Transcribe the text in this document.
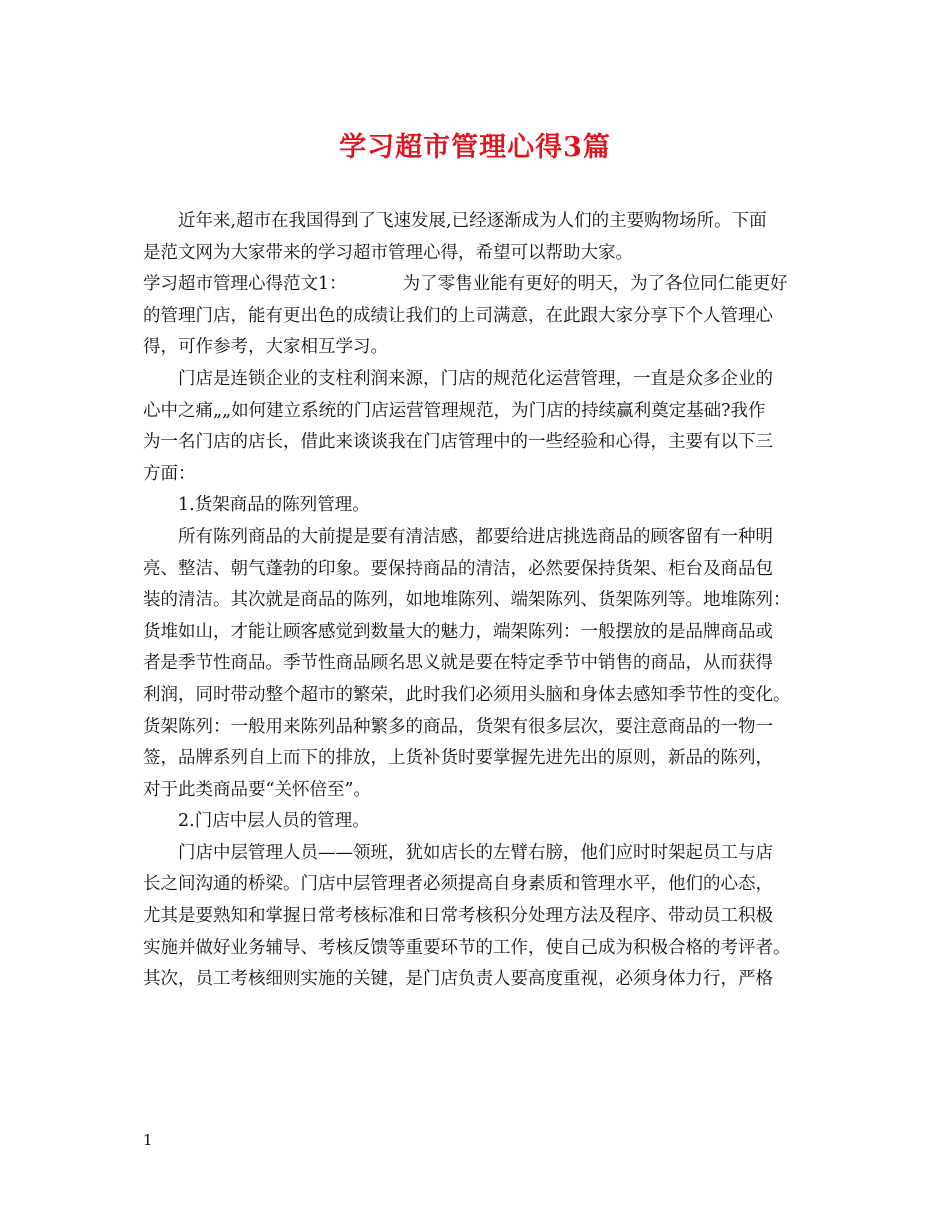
学习超市管理心得3篇
近年来,超市在我国得到了飞速发展,已经逐渐成为人们的主要购物场所。下面
是范文网为大家带来的学习超市管理心得，希望可以帮助大家。
学习超市管理心得范文1：	为了零售业能有更好的明天，为了各位同仁能更好
的管理门店，能有更出色的成绩让我们的上司满意，在此跟大家分享下个人管理心
得，可作参考，大家相互学习。
门店是连锁企业的支柱利润来源，门店的规范化运营管理，一直是众多企业的
心中之痛„„如何建立系统的门店运营管理规范，为门店的持续赢利奠定基础?我作
为一名门店的店长，借此来谈谈我在门店管理中的一些经验和心得，主要有以下三
方面：
1.货架商品的陈列管理。
所有陈列商品的大前提是要有清洁感，都要给进店挑选商品的顾客留有一种明
亮、整洁、朝气蓬勃的印象。要保持商品的清洁，必然要保持货架、柜台及商品包
装的清洁。其次就是商品的陈列，如地堆陈列、端架陈列、货架陈列等。地堆陈列：
货堆如山，才能让顾客感觉到数量大的魅力，端架陈列：一般摆放的是品牌商品或
者是季节性商品。季节性商品顾名思义就是要在特定季节中销售的商品，从而获得
利润，同时带动整个超市的繁荣，此时我们必须用头脑和身体去感知季节性的变化。
货架陈列：一般用来陈列品种繁多的商品，货架有很多层次，要注意商品的一物一
签，品牌系列自上而下的排放，上货补货时要掌握先进先出的原则，新品的陈列，
对于此类商品要“关怀倍至”。
2.门店中层人员的管理。
门店中层管理人员——领班，犹如店长的左臂右膀，他们应时时架起员工与店
长之间沟通的桥梁。门店中层管理者必须提高自身素质和管理水平，他们的心态，
尤其是要熟知和掌握日常考核标准和日常考核积分处理方法及程序、带动员工积极
实施并做好业务辅导、考核反馈等重要环节的工作，使自己成为积极合格的考评者。
其次，员工考核细则实施的关键，是门店负责人要高度重视，必须身体力行，严格
1
